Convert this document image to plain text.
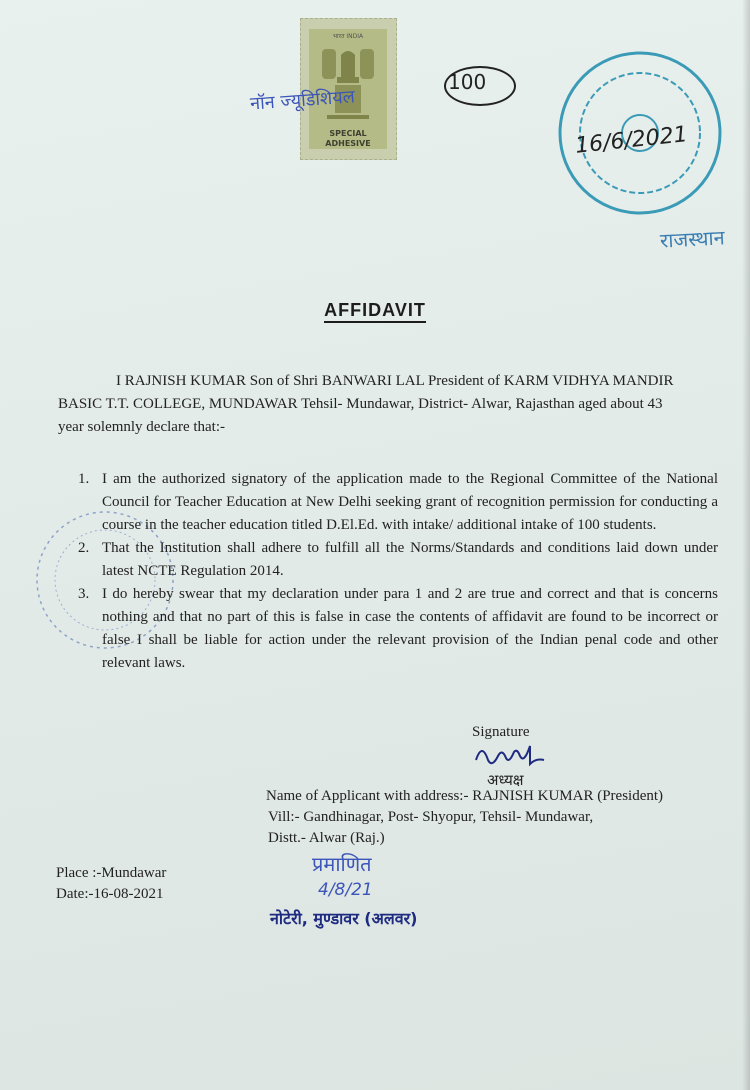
भारत INDIA
SPECIAL
ADHESIVE
नॉन ज्यूडिशियल
100
16/6/2021
राजस्थान
AFFIDAVIT
I RAJNISH KUMAR Son of Shri BANWARI LAL President of KARM VIDHYA MANDIR
BASIC T.T. COLLEGE, MUNDAWAR Tehsil- Mundawar, District- Alwar, Rajasthan aged about 43
year solemnly declare that:-
1. I am the authorized signatory of the application made to the Regional Committee of the National Council for Teacher Education at New Delhi seeking grant of recognition permission for conducting a course in the teacher education titled D.El.Ed. with intake/ additional intake of 100 students.
2. That the Institution shall adhere to fulfill all the Norms/Standards and conditions laid down under latest NCTE Regulation 2014.
3. I do hereby swear that my declaration under para 1 and 2 are true and correct and that is concerns nothing and that no part of this is false in case the contents of affidavit are found to be incorrect or false I shall be liable for action under the relevant provision of the Indian penal code and other relevant laws.
Signature
अध्यक्ष
Name of Applicant with address:- RAJNISH KUMAR (President)
Vill:- Gandhinagar, Post- Shyopur, Tehsil- Mundawar,
Distt.- Alwar (Raj.)
Place :-Mundawar
Date:-16-08-2021
प्रमाणित
4/8/21
नोटेरी, मुण्डावर (अलवर)
